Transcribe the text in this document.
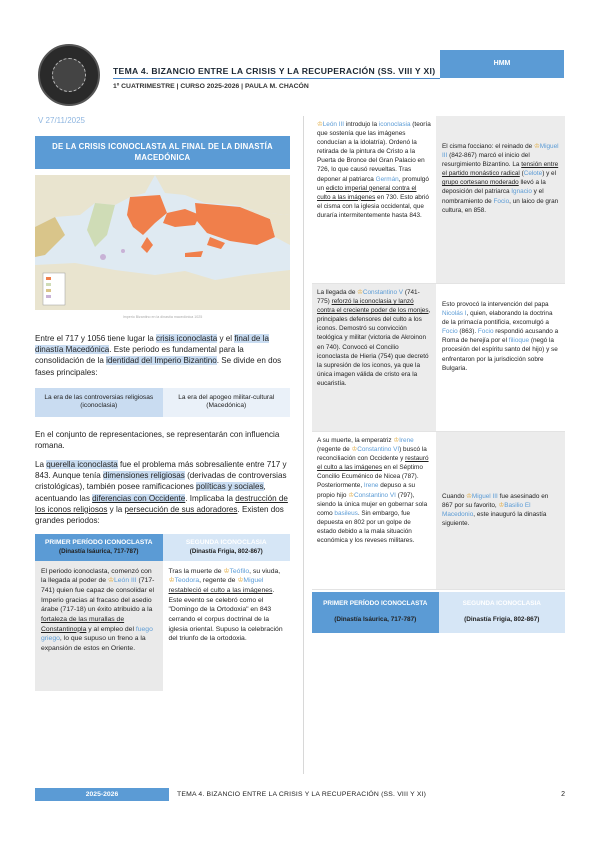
TEMA 4. BIZANCIO ENTRE LA CRISIS Y LA RECUPERACIÓN (SS. VIII Y XI)
1º CUATRIMESTRE | CURSO 2025-2026 | PAULA M. CHACÓN
HMM
V 27/11/2025
DE LA CRISIS ICONOCLASTA AL FINAL DE LA DINASTÍA MACEDÓNICA
Imperio Bizantino en la dinastía macedónica 1025

Entre el 717 y 1056 tiene lugar la crisis iconoclasta y el final de la dinastía Macedónica. Este periodo es fundamental para la consolidación de la identidad del Imperio Bizantino. Se divide en dos fases principales:

La era de las controversias religiosas (iconoclasia)
La era del apogeo militar-cultural (Macedónica)

En el conjunto de representaciones, se representarán con influencia romana.

La querella iconoclasta fue el problema más sobresaliente entre 717 y 843. Aunque tenía dimensiones religiosas (derivadas de controversias cristológicas), también posee ramificaciones políticas y sociales, acentuando las diferencias con Occidente. Implicaba la destrucción de los iconos religiosos y la persecución de sus adoradores. Existen dos grandes periodos:

PRIMER PERÍODO ICONOCLASTA
(Dinastía Isáurica, 717-787)
El periodo iconoclasta, comenzó con la llegada al poder de ♔León III (717-741) quien fue capaz de consolidar el Imperio gracias al fracaso del asedio árabe (717-18) un éxito atribuido a la fortaleza de las murallas de Constantinopla y al empleo del fuego griego, lo que supuso un freno a la expansión de estos en Oriente.
SEGUNDA ICONOCLASIA
(Dinastía Frigia, 802-867)
Tras la muerte de ♔Teófilo, su viuda, ♔Teodora, regente de ♔Miguel restableció el culto a las imágenes. Este evento se celebró como el "Domingo de la Ortodoxia" en 843 cerrando el corpus doctrinal de la iglesia oriental. Supuso la celebración del triunfo de la ortodoxia.
♔León III introdujo la iconoclasia (teoría que sostenía que las imágenes conducían a la idolatría). Ordenó la retirada de la pintura de Cristo a la Puerta de Bronce del Gran Palacio en 726, lo que causó revueltas. Tras deponer al patriarca Germán, promulgó un edicto imperial general contra el culto a las imágenes en 730. Esto abrió el cisma con la iglesia occidental, que duraría intermitentemente hasta 843.
El cisma focciano: el reinado de ♔Miguel III (842-867) marcó el inicio del resurgimiento Bizantino. La tensión entre el partido monástico radical (Celote) y el grupo cortesano moderado llevó a la deposición del patriarca Ignacio y el nombramiento de Focio, un laico de gran cultura, en 858.
La llegada de ♔Constantino V (741-775) reforzó la iconoclasia y lanzó contra el creciente poder de los monjes, principales defensores del culto a los iconos. Demostró su convicción teológica y militar (victoria de Akroinon en 740). Convocó el Concilio iconoclasta de Hieria (754) que decretó la supresión de los iconos, ya que la única imagen válida de cristo era la eucaristía.
Esto provocó la intervención del papa Nicolás I, quien, elaborando la doctrina de la primacía pontificia, excomulgó a Focio (863). Focio respondió acusando a Roma de herejía por el filioque (negó la procesión del espíritu santo del hijo) y se enfrentaron por la jurisdicción sobre Bulgaria.
A su muerte, la emperatriz ♔Irene (regente de ♔Constantino VI) buscó la reconciliación con Occidente y restauró el culto a las imágenes en el Séptimo Concilio Ecuménico de Nicea (787). Posteriormente, Irene depuso a su propio hijo ♔Constantino VI (797), siendo la única mujer en gobernar sola como basileus. Sin embargo, fue depuesta en 802 por un golpe de estado debido a la mala situación económica y los reveses militares.
Cuando ♔Miguel III fue asesinado en 867 por su favorito, ♔Basilio El Macedonio, este inauguró la dinastía siguiente.
PRIMER PERÍODO ICONOCLASTA
(Dinastía Isáurica, 717-787)
SEGUNDA ICONOCLASIA
(Dinastía Frigia, 802-867)
2025-2026	TEMA 4. BIZANCIO ENTRE LA CRISIS Y LA RECUPERACIÓN (SS. VIII Y XI)	2
